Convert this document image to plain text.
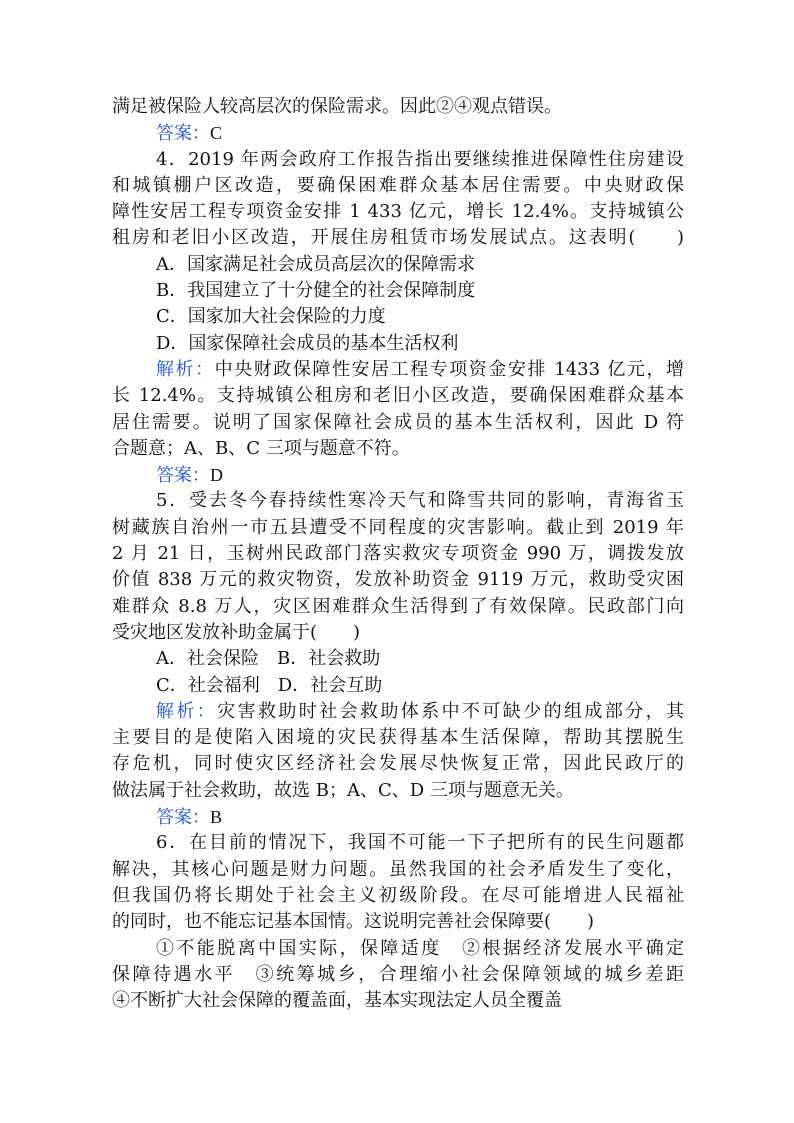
满足被保险人较高层次的保险需求。因此②④观点错误。
答案：C
4．2019 年两会政府工作报告指出要继续推进保障性住房建设
和城镇棚户区改造，要确保困难群众基本居住需要。中央财政保
障性安居工程专项资金安排 1 433 亿元，增长 12.4%。支持城镇公
租房和老旧小区改造，开展住房租赁市场发展试点。这表明(　　)
A．国家满足社会成员高层次的保障需求
B．我国建立了十分健全的社会保障制度
C．国家加大社会保险的力度
D．国家保障社会成员的基本生活权利
解析：中央财政保障性安居工程专项资金安排 1433 亿元，增
长 12.4%。支持城镇公租房和老旧小区改造，要确保困难群众基本
居住需要。说明了国家保障社会成员的基本生活权利，因此 D 符
合题意；A、B、C 三项与题意不符。
答案：D
5．受去冬今春持续性寒冷天气和降雪共同的影响，青海省玉
树藏族自治州一市五县遭受不同程度的灾害影响。截止到 2019 年
2 月 21 日，玉树州民政部门落实救灾专项资金 990 万，调拨发放
价值 838 万元的救灾物资，发放补助资金 9119 万元，救助受灾困
难群众 8.8 万人，灾区困难群众生活得到了有效保障。民政部门向
受灾地区发放补助金属于(　　)
A．社会保险 B．社会救助
C．社会福利 D．社会互助
解析：灾害救助时社会救助体系中不可缺少的组成部分，其
主要目的是使陷入困境的灾民获得基本生活保障，帮助其摆脱生
存危机，同时使灾区经济社会发展尽快恢复正常，因此民政厅的
做法属于社会救助，故选 B；A、C、D 三项与题意无关。
答案：B
6．在目前的情况下，我国不可能一下子把所有的民生问题都
解决，其核心问题是财力问题。虽然我国的社会矛盾发生了变化，
但我国仍将长期处于社会主义初级阶段。在尽可能增进人民福祉
的同时，也不能忘记基本国情。这说明完善社会保障要(　　)
①不能脱离中国实际，保障适度　②根据经济发展水平确定
保障待遇水平　③统筹城乡，合理缩小社会保障领域的城乡差距
④不断扩大社会保障的覆盖面，基本实现法定人员全覆盖
